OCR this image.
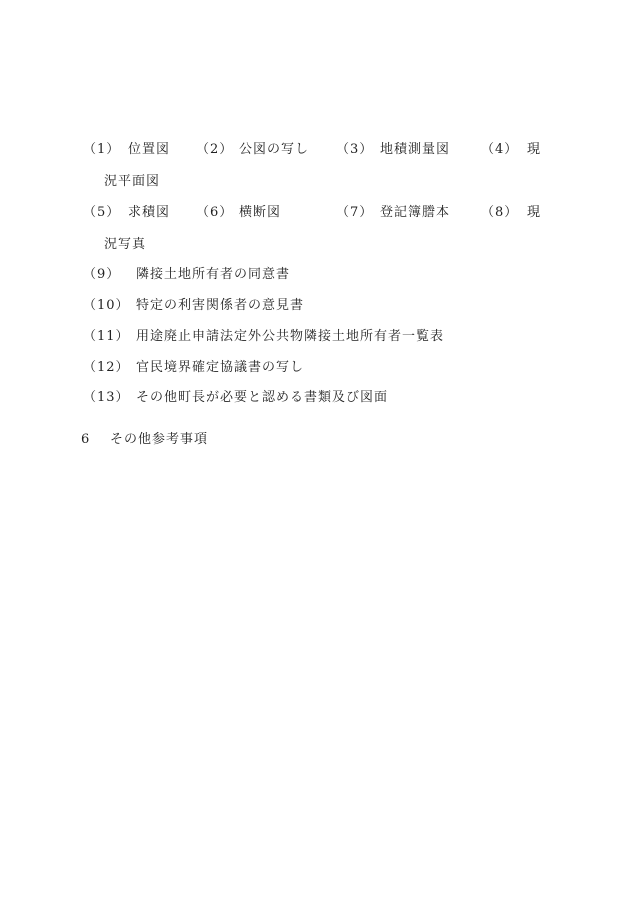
（1） 位置図 （2） 公図の写し （3） 地積測量図 （4） 現
況平面図
（5） 求積図 （6） 横断図	（7） 登記簿謄本 （8） 現
況写真
（9） 隣接土地所有者の同意書
（10） 特定の利害関係者の意見書
（11） 用途廃止申請法定外公共物隣接土地所有者一覧表
（12） 官民境界確定協議書の写し
（13） その他町長が必要と認める書類及び図面
6 その他参考事項
